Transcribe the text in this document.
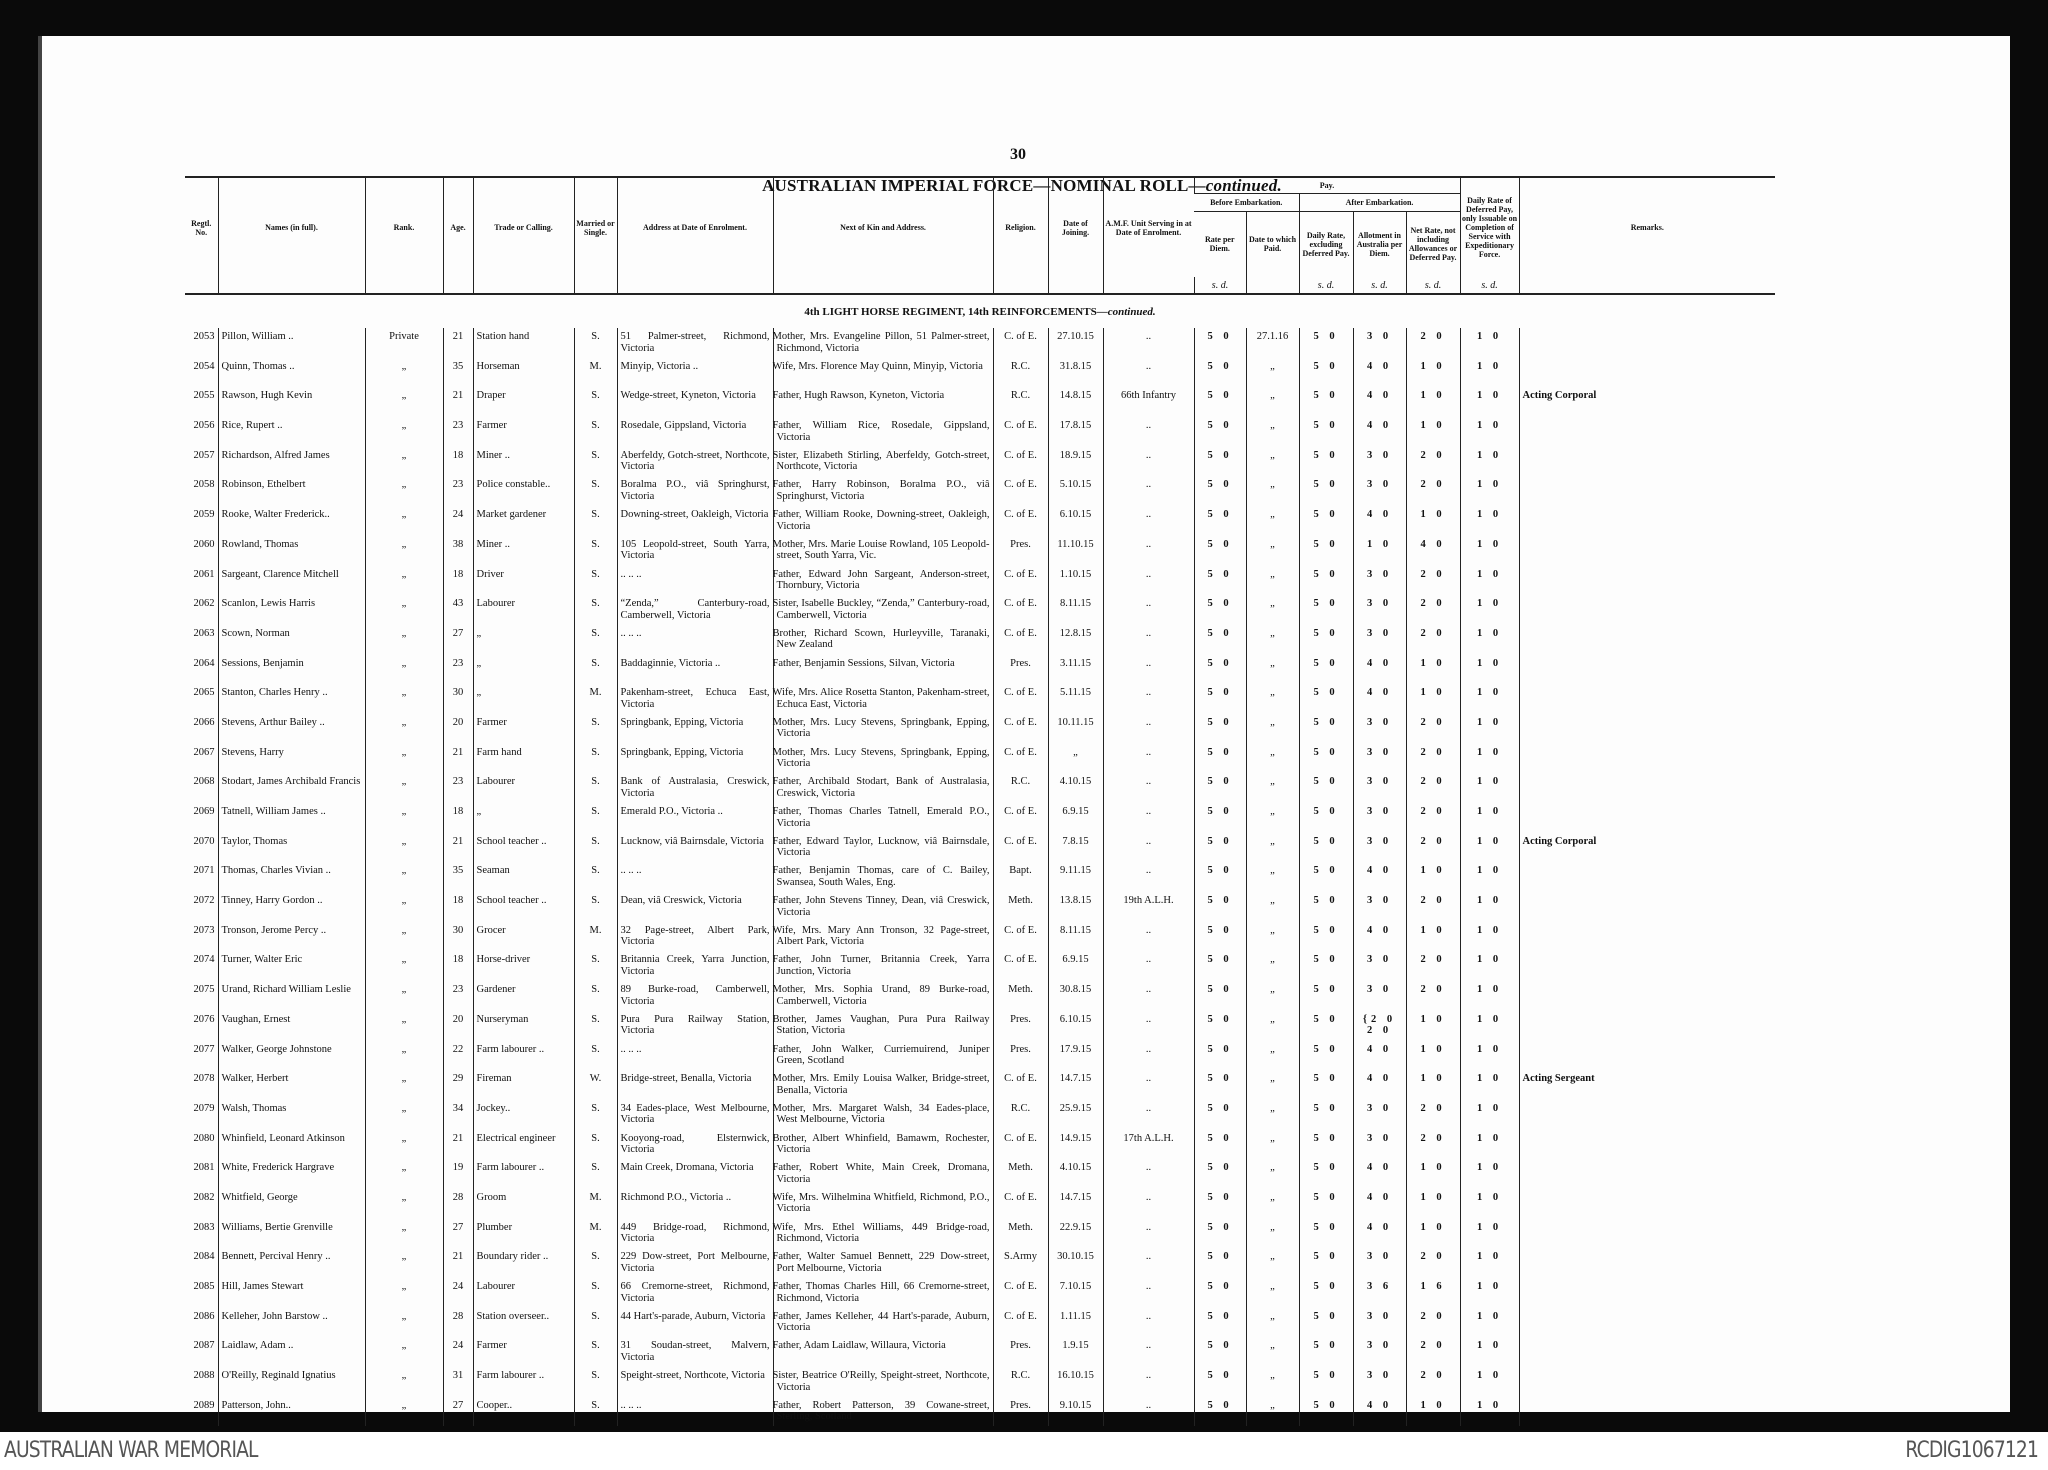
30
AUSTRALIAN IMPERIAL FORCE—NOMINAL ROLL—continued.
Regtl. No.	Names (in full).	Rank.	Age.	Trade or Calling.	Married or Single.	Address at Date of Enrolment.	Next of Kin and Address.	Religion.	Date of Joining.	A.M.F. Unit Serving in at Date of Enrolment.	Pay.					Daily Rate of Deferred Pay, only Issuable on Completion of Service with Expeditionary Force.	Remarks.
											Before Embarkation.		After Embarkation.				
											Rate per Diem.	Date to which Paid.	Daily Rate, excluding Deferred Pay.	Allotment in Australia per Diem.	Net Rate, not including Allowances or Deferred Pay.		
											s. d.		s. d.	s. d.	s. d.	s. d.	
4th LIGHT HORSE REGIMENT, 14th REINFORCEMENTS—continued.																	
2053	Pillon, William ..	Private	21	Station hand	S.	51 Palmer-street, Richmond, Victoria	Mother, Mrs. Evangeline Pillon, 51 Palmer-street, Richmond, Victoria	C. of E.	27.10.15	..	5 0	27.1.16	5 0	3 0	2 0	1 0	
2054	Quinn, Thomas ..	„	35	Horseman	M.	Minyip, Victoria ..	Wife, Mrs. Florence May Quinn, Minyip, Victoria	R.C.	31.8.15	..	5 0	„	5 0	4 0	1 0	1 0	
2055	Rawson, Hugh Kevin	„	21	Draper	S.	Wedge-street, Kyneton, Victoria	Father, Hugh Rawson, Kyneton, Victoria	R.C.	14.8.15	66th Infantry	5 0	„	5 0	4 0	1 0	1 0	Acting Corporal
2056	Rice, Rupert ..	„	23	Farmer	S.	Rosedale, Gippsland, Victoria	Father, William Rice, Rosedale, Gippsland, Victoria	C. of E.	17.8.15	..	5 0	„	5 0	4 0	1 0	1 0	
2057	Richardson, Alfred James	„	18	Miner ..	S.	Aberfeldy, Gotch-street, Northcote, Victoria	Sister, Elizabeth Stirling, Aberfeldy, Gotch-street, Northcote, Victoria	C. of E.	18.9.15	..	5 0	„	5 0	3 0	2 0	1 0	
2058	Robinson, Ethelbert	„	23	Police constable..	S.	Boralma P.O., viâ Springhurst, Victoria	Father, Harry Robinson, Boralma P.O., viâ Springhurst, Victoria	C. of E.	5.10.15	..	5 0	„	5 0	3 0	2 0	1 0	
2059	Rooke, Walter Frederick..	„	24	Market gardener	S.	Downing-street, Oakleigh, Victoria	Father, William Rooke, Downing-street, Oakleigh, Victoria	C. of E.	6.10.15	..	5 0	„	5 0	4 0	1 0	1 0	
2060	Rowland, Thomas	„	38	Miner ..	S.	105 Leopold-street, South Yarra, Victoria	Mother, Mrs. Marie Louise Rowland, 105 Leopold-street, South Yarra, Vic.	Pres.	11.10.15	..	5 0	„	5 0	1 0	4 0	1 0	
2061	Sargeant, Clarence Mitchell	„	18	Driver	S.	.. .. ..	Father, Edward John Sargeant, Anderson-street, Thornbury, Victoria	C. of E.	1.10.15	..	5 0	„	5 0	3 0	2 0	1 0	
2062	Scanlon, Lewis Harris	„	43	Labourer	S.	“Zenda,” Canterbury-road, Camberwell, Victoria	Sister, Isabelle Buckley, “Zenda,” Canterbury-road, Camberwell, Victoria	C. of E.	8.11.15	..	5 0	„	5 0	3 0	2 0	1 0	
2063	Scown, Norman	„	27	„	S.	.. .. ..	Brother, Richard Scown, Hurleyville, Taranaki, New Zealand	C. of E.	12.8.15	..	5 0	„	5 0	3 0	2 0	1 0	
2064	Sessions, Benjamin	„	23	„	S.	Baddaginnie, Victoria ..	Father, Benjamin Sessions, Silvan, Victoria	Pres.	3.11.15	..	5 0	„	5 0	4 0	1 0	1 0	
2065	Stanton, Charles Henry ..	„	30	„	M.	Pakenham-street, Echuca East, Victoria	Wife, Mrs. Alice Rosetta Stanton, Pakenham-street, Echuca East, Victoria	C. of E.	5.11.15	..	5 0	„	5 0	4 0	1 0	1 0	
2066	Stevens, Arthur Bailey ..	„	20	Farmer	S.	Springbank, Epping, Victoria	Mother, Mrs. Lucy Stevens, Springbank, Epping, Victoria	C. of E.	10.11.15	..	5 0	„	5 0	3 0	2 0	1 0	
2067	Stevens, Harry	„	21	Farm hand	S.	Springbank, Epping, Victoria	Mother, Mrs. Lucy Stevens, Springbank, Epping, Victoria	C. of E.	„	..	5 0	„	5 0	3 0	2 0	1 0	
2068	Stodart, James Archibald Francis	„	23	Labourer	S.	Bank of Australasia, Creswick, Victoria	Father, Archibald Stodart, Bank of Australasia, Creswick, Victoria	R.C.	4.10.15	..	5 0	„	5 0	3 0	2 0	1 0	
2069	Tatnell, William James ..	„	18	„	S.	Emerald P.O., Victoria ..	Father, Thomas Charles Tatnell, Emerald P.O., Victoria	C. of E.	6.9.15	..	5 0	„	5 0	3 0	2 0	1 0	
2070	Taylor, Thomas	„	21	School teacher ..	S.	Lucknow, viâ Bairnsdale, Victoria	Father, Edward Taylor, Lucknow, viâ Bairnsdale, Victoria	C. of E.	7.8.15	..	5 0	„	5 0	3 0	2 0	1 0	Acting Corporal
2071	Thomas, Charles Vivian ..	„	35	Seaman	S.	.. .. ..	Father, Benjamin Thomas, care of C. Bailey, Swansea, South Wales, Eng.	Bapt.	9.11.15	..	5 0	„	5 0	4 0	1 0	1 0	
2072	Tinney, Harry Gordon ..	„	18	School teacher ..	S.	Dean, viâ Creswick, Victoria	Father, John Stevens Tinney, Dean, viâ Creswick, Victoria	Meth.	13.8.15	19th A.L.H.	5 0	„	5 0	3 0	2 0	1 0	
2073	Tronson, Jerome Percy ..	„	30	Grocer	M.	32 Page-street, Albert Park, Victoria	Wife, Mrs. Mary Ann Tronson, 32 Page-street, Albert Park, Victoria	C. of E.	8.11.15	..	5 0	„	5 0	4 0	1 0	1 0	
2074	Turner, Walter Eric	„	18	Horse-driver	S.	Britannia Creek, Yarra Junction, Victoria	Father, John Turner, Britannia Creek, Yarra Junction, Victoria	C. of E.	6.9.15	..	5 0	„	5 0	3 0	2 0	1 0	
2075	Urand, Richard William Leslie	„	23	Gardener	S.	89 Burke-road, Camberwell, Victoria	Mother, Mrs. Sophia Urand, 89 Burke-road, Camberwell, Victoria	Meth.	30.8.15	..	5 0	„	5 0	3 0	2 0	1 0	
2076	Vaughan, Ernest	„	20	Nurseryman	S.	Pura Pura Railway Station, Victoria	Brother, James Vaughan, Pura Pura Railway Station, Victoria	Pres.	6.10.15	..	5 0	„	5 0	{2 0 2 0	1 0	1 0	
2077	Walker, George Johnstone	„	22	Farm labourer ..	S.	.. .. ..	Father, John Walker, Curriemuirend, Juniper Green, Scotland	Pres.	17.9.15	..	5 0	„	5 0	4 0	1 0	1 0	
2078	Walker, Herbert	„	29	Fireman	W.	Bridge-street, Benalla, Victoria	Mother, Mrs. Emily Louisa Walker, Bridge-street, Benalla, Victoria	C. of E.	14.7.15	..	5 0	„	5 0	4 0	1 0	1 0	Acting Sergeant
2079	Walsh, Thomas	„	34	Jockey..	S.	34 Eades-place, West Melbourne, Victoria	Mother, Mrs. Margaret Walsh, 34 Eades-place, West Melbourne, Victoria	R.C.	25.9.15	..	5 0	„	5 0	3 0	2 0	1 0	
2080	Whinfield, Leonard Atkinson	„	21	Electrical engineer	S.	Kooyong-road, Elsternwick, Victoria	Brother, Albert Whinfield, Bamawm, Rochester, Victoria	C. of E.	14.9.15	17th A.L.H.	5 0	„	5 0	3 0	2 0	1 0	
2081	White, Frederick Hargrave	„	19	Farm labourer ..	S.	Main Creek, Dromana, Victoria	Father, Robert White, Main Creek, Dromana, Victoria	Meth.	4.10.15	..	5 0	„	5 0	4 0	1 0	1 0	
2082	Whitfield, George	„	28	Groom	M.	Richmond P.O., Victoria ..	Wife, Mrs. Wilhelmina Whitfield, Richmond, P.O., Victoria	C. of E.	14.7.15	..	5 0	„	5 0	4 0	1 0	1 0	
2083	Williams, Bertie Grenville	„	27	Plumber	M.	449 Bridge-road, Richmond, Victoria	Wife, Mrs. Ethel Williams, 449 Bridge-road, Richmond, Victoria	Meth.	22.9.15	..	5 0	„	5 0	4 0	1 0	1 0	
2084	Bennett, Percival Henry ..	„	21	Boundary rider ..	S.	229 Dow-street, Port Melbourne, Victoria	Father, Walter Samuel Bennett, 229 Dow-street, Port Melbourne, Victoria	S.Army	30.10.15	..	5 0	„	5 0	3 0	2 0	1 0	
2085	Hill, James Stewart	„	24	Labourer	S.	66 Cremorne-street, Richmond, Victoria	Father, Thomas Charles Hill, 66 Cremorne-street, Richmond, Victoria	C. of E.	7.10.15	..	5 0	„	5 0	3 6	1 6	1 0	
2086	Kelleher, John Barstow ..	„	28	Station overseer..	S.	44 Hart's-parade, Auburn, Victoria	Father, James Kelleher, 44 Hart's-parade, Auburn, Victoria	C. of E.	1.11.15	..	5 0	„	5 0	3 0	2 0	1 0	
2087	Laidlaw, Adam ..	„	24	Farmer	S.	31 Soudan-street, Malvern, Victoria	Father, Adam Laidlaw, Willaura, Victoria	Pres.	1.9.15	..	5 0	„	5 0	3 0	2 0	1 0	
2088	O'Reilly, Reginald Ignatius	„	31	Farm labourer ..	S.	Speight-street, Northcote, Victoria	Sister, Beatrice O'Reilly, Speight-street, Northcote, Victoria	R.C.	16.10.15	..	5 0	„	5 0	3 0	2 0	1 0	
2089	Patterson, John..	„	27	Cooper..	S.	.. .. ..	Father, Robert Patterson, 39 Cowane-street, Sterling, Scotland	Pres.	9.10.15	..	5 0	„	5 0	4 0	1 0	1 0	
AUSTRALIAN WAR MEMORIAL	RCDIG1067121
